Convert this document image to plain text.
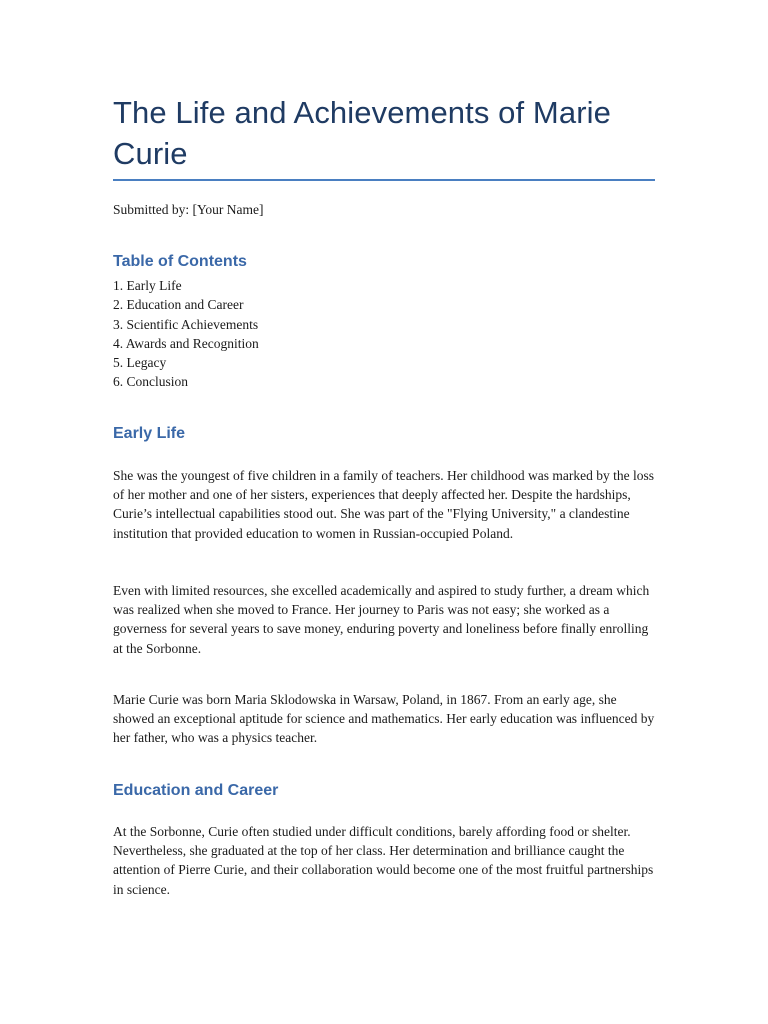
The Life and Achievements of Marie Curie

Submitted by: [Your Name]

Table of Contents
1. Early Life
2. Education and Career
3. Scientific Achievements
4. Awards and Recognition
5. Legacy
6. Conclusion
Early Life

She was the youngest of five children in a family of teachers. Her childhood was marked by the loss of her mother and one of her sisters, experiences that deeply affected her. Despite the hardships, Curie’s intellectual capabilities stood out. She was part of the "Flying University," a clandestine institution that provided education to women in Russian-occupied Poland.

Even with limited resources, she excelled academically and aspired to study further, a dream which was realized when she moved to France. Her journey to Paris was not easy; she worked as a governess for several years to save money, enduring poverty and loneliness before finally enrolling at the Sorbonne.

Marie Curie was born Maria Sklodowska in Warsaw, Poland, in 1867. From an early age, she showed an exceptional aptitude for science and mathematics. Her early education was influenced by her father, who was a physics teacher.

Education and Career

At the Sorbonne, Curie often studied under difficult conditions, barely affording food or shelter. Nevertheless, she graduated at the top of her class. Her determination and brilliance caught the attention of Pierre Curie, and their collaboration would become one of the most fruitful partnerships in science.
